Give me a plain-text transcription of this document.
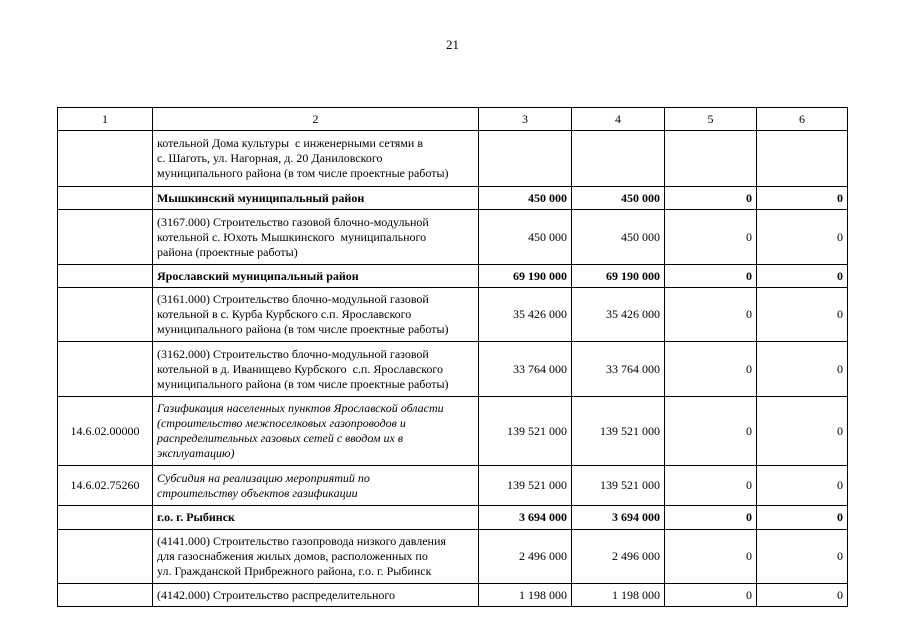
21
1	2	3	4	5	6

	котельной Дома культуры  с инженерными сетями в
с. Шаготь, ул. Нагорная, д. 20 Даниловского
муниципального района (в том числе проектные работы)				

	Мышкинский муниципальный район	450 000	450 000	0	0

	(3167.000) Строительство газовой блочно-модульной
котельной с. Юхоть Мышкинского  муниципального
района (проектные работы)	450 000	450 000	0	0

	Ярославский муниципальный район	69 190 000	69 190 000	0	0

	(3161.000) Строительство блочно-модульной газовой
котельной в с. Курба Курбского с.п. Ярославского
муниципального района (в том числе проектные работы)	35 426 000	35 426 000	0	0

	(3162.000) Строительство блочно-модульной газовой
котельной в д. Иванищево Курбского  с.п. Ярославского
муниципального района (в том числе проектные работы)	33 764 000	33 764 000	0	0
14.6.02.00000	Газификация населенных пунктов Ярославской области
(строительство межпоселковых газопроводов и
распределительных газовых сетей с вводом их в
эксплуатацию)	139 521 000	139 521 000	0	0
14.6.02.75260	Субсидия на реализацию мероприятий по
строительству объектов газификации	139 521 000	139 521 000	0	0

	г.о. г. Рыбинск	3 694 000	3 694 000	0	0

	(4141.000) Строительство газопровода низкого давления
для газоснабжения жилых домов, расположенных по
ул. Гражданской Прибрежного района, г.о. г. Рыбинск	2 496 000	2 496 000	0	0

	(4142.000) Строительство распределительного	1 198 000	1 198 000	0	0
